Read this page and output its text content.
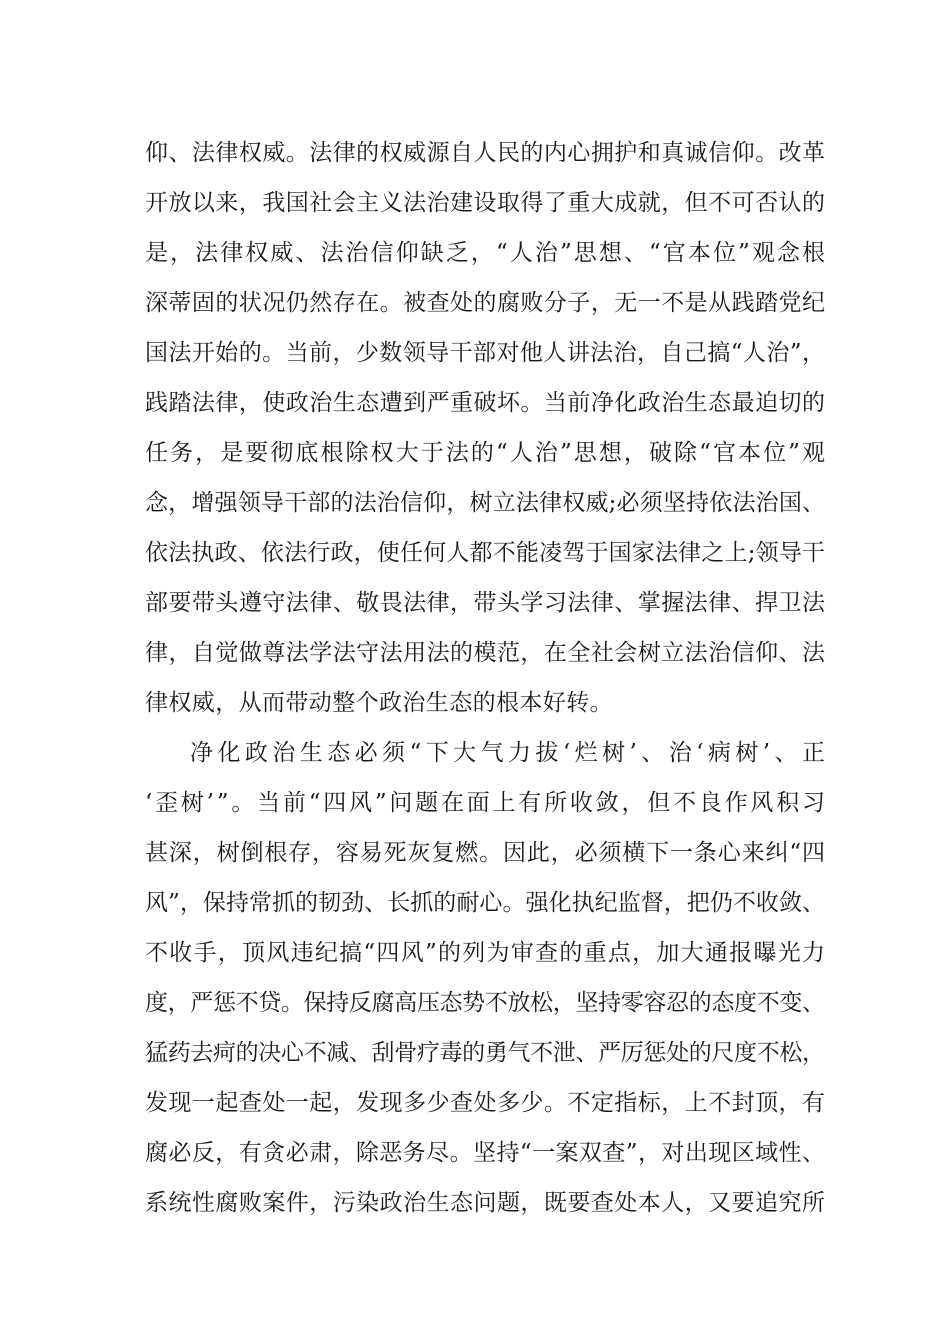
仰、法律权威。法律的权威源自人民的内心拥护和真诚信仰。改革
开放以来，我国社会主义法治建设取得了重大成就，但不可否认的
是，法律权威、法治信仰缺乏，“人治”思想、“官本位”观念根
深蒂固的状况仍然存在。被查处的腐败分子，无一不是从践踏党纪
国法开始的。当前，少数领导干部对他人讲法治，自己搞“人治”，
践踏法律，使政治生态遭到严重破坏。当前净化政治生态最迫切的
任务，是要彻底根除权大于法的“人治”思想，破除“官本位”观
念，增强领导干部的法治信仰，树立法律权威;必须坚持依法治国、
依法执政、依法行政，使任何人都不能凌驾于国家法律之上;领导干
部要带头遵守法律、敬畏法律，带头学习法律、掌握法律、捍卫法
律，自觉做尊法学法守法用法的模范，在全社会树立法治信仰、法
律权威，从而带动整个政治生态的根本好转。
净化政治生态必须“下大气力拔‘烂树’、治‘病树’、正
‘歪树’”。当前“四风”问题在面上有所收敛，但不良作风积习
甚深，树倒根存，容易死灰复燃。因此，必须横下一条心来纠“四
风”，保持常抓的韧劲、长抓的耐心。强化执纪监督，把仍不收敛、
不收手，顶风违纪搞“四风”的列为审查的重点，加大通报曝光力
度，严惩不贷。保持反腐高压态势不放松，坚持零容忍的态度不变、
猛药去疴的决心不减、刮骨疗毒的勇气不泄、严厉惩处的尺度不松，
发现一起查处一起，发现多少查处多少。不定指标，上不封顶，有
腐必反，有贪必肃，除恶务尽。坚持“一案双查”，对出现区域性、
系统性腐败案件，污染政治生态问题，既要查处本人，又要追究所
